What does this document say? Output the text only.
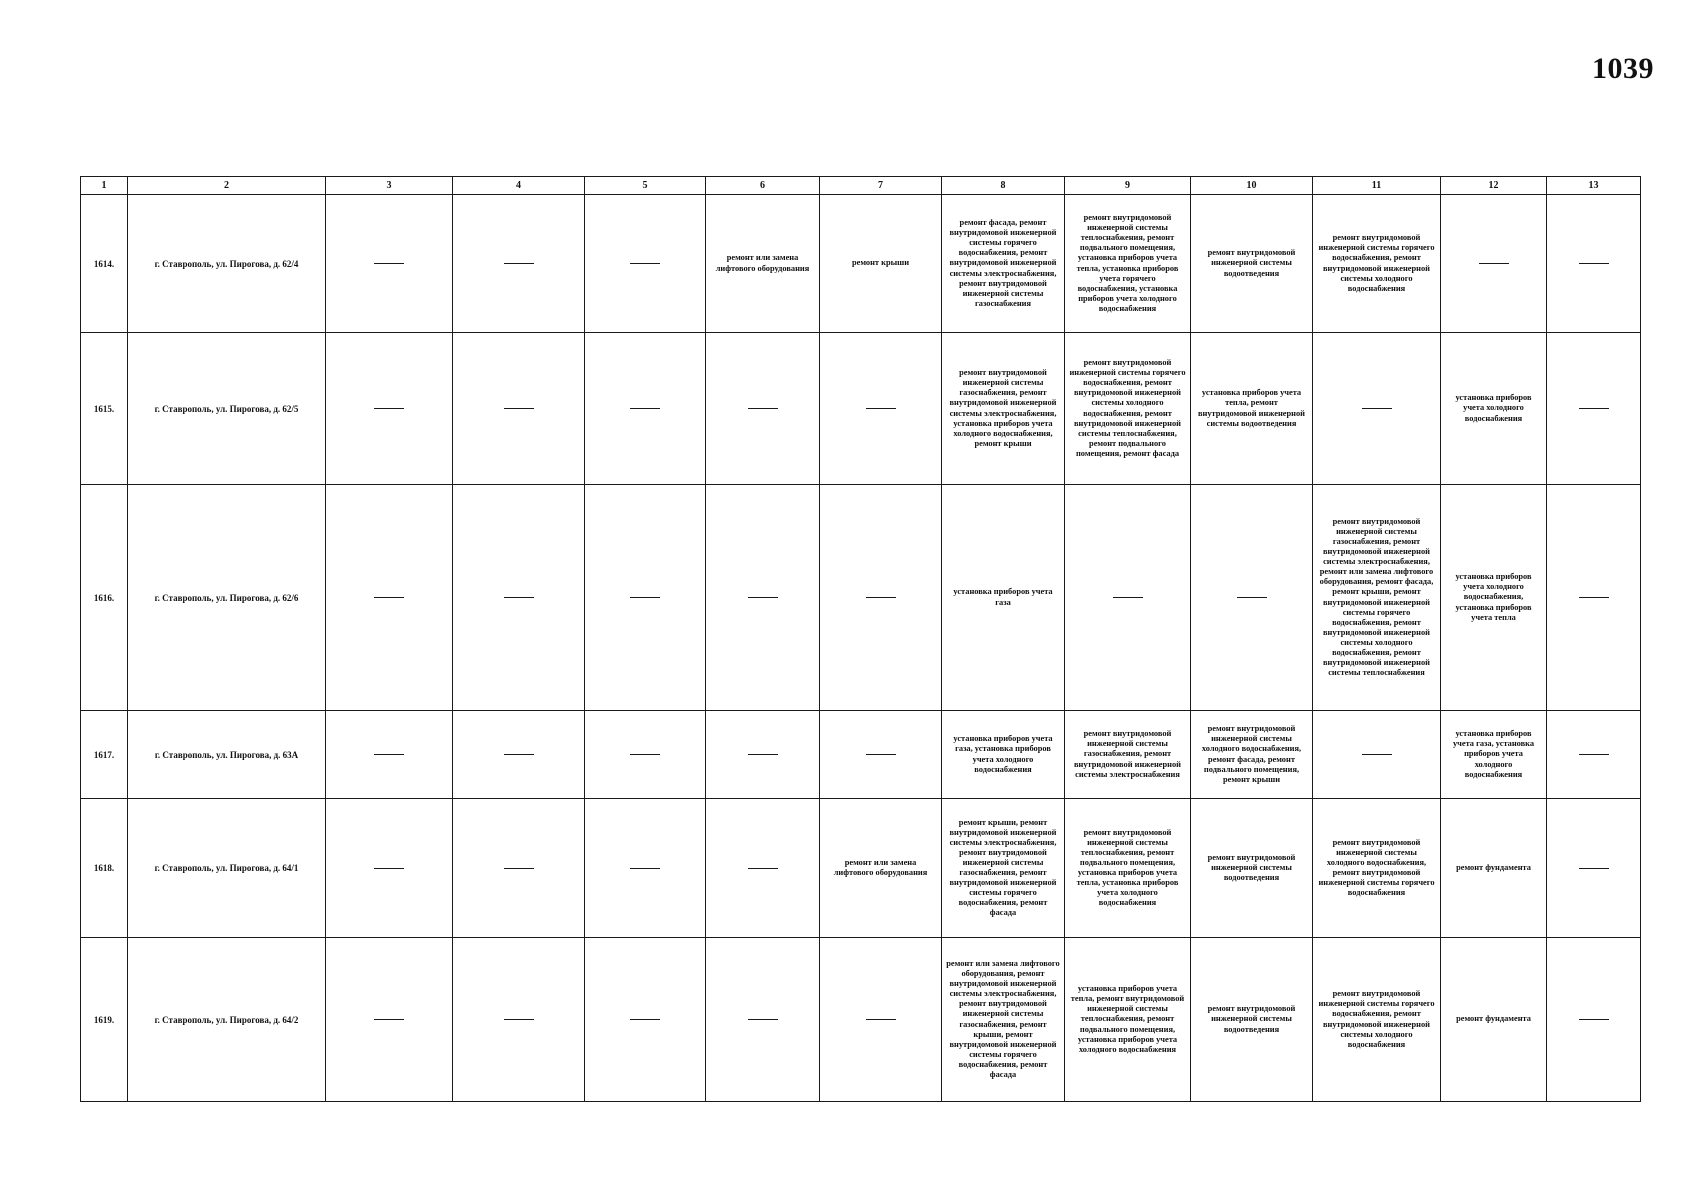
1039
1	2	3	4	5	6	7	8	9	10	11	12	13
1614.	г. Ставрополь, ул. Пирогова, д. 62/4				ремонт или замена лифтового оборудования	ремонт крыши	ремонт фасада, ремонт внутридомовой инженерной системы горячего водоснабжения, ремонт внутридомовой инженерной системы электроснабжения, ремонт внутридомовой инженерной системы газоснабжения	ремонт внутридомовой инженерной системы теплоснабжения, ремонт подвального помещения, установка приборов учета тепла, установка приборов учета горячего водоснабжения, установка приборов учета холодного водоснабжения	ремонт внутридомовой инженерной системы водоотведения	ремонт внутридомовой инженерной системы горячего водоснабжения, ремонт внутридомовой инженерной системы холодного водоснабжения		

1615.	г. Ставрополь, ул. Пирогова, д. 62/5						ремонт внутридомовой инженерной системы газоснабжения, ремонт внутридомовой инженерной системы электроснабжения, установка приборов учета холодного водоснабжения, ремонт крыши	ремонт внутридомовой инженерной системы горячего водоснабжения, ремонт внутридомовой инженерной системы холодного водоснабжения, ремонт внутридомовой инженерной системы теплоснабжения, ремонт подвального помещения, ремонт фасада	установка приборов учета тепла, ремонт внутридомовой инженерной системы водоотведения		установка приборов учета холодного водоснабжения	

1616.	г. Ставрополь, ул. Пирогова, д. 62/6						установка приборов учета газа			ремонт внутридомовой инженерной системы газоснабжения, ремонт внутридомовой инженерной системы электроснабжения, ремонт или замена лифтового оборудования, ремонт фасада, ремонт крыши, ремонт внутридомовой инженерной системы горячего водоснабжения, ремонт внутридомовой инженерной системы холодного водоснабжения, ремонт внутридомовой инженерной системы теплоснабжения	установка приборов учета холодного водоснабжения, установка приборов учета тепла	

1617.	г. Ставрополь, ул. Пирогова, д. 63А						установка приборов учета газа, установка приборов учета холодного водоснабжения	ремонт внутридомовой инженерной системы газоснабжения, ремонт внутридомовой инженерной системы электроснабжения	ремонт внутридомовой инженерной системы холодного водоснабжения, ремонт фасада, ремонт подвального помещения, ремонт крыши		установка приборов учета газа, установка приборов учета холодного водоснабжения	

1618.	г. Ставрополь, ул. Пирогова, д. 64/1					ремонт или замена лифтового оборудования	ремонт крыши, ремонт внутридомовой инженерной системы электроснабжения, ремонт внутридомовой инженерной системы газоснабжения, ремонт внутридомовой инженерной системы горячего водоснабжения, ремонт фасада	ремонт внутридомовой инженерной системы теплоснабжения, ремонт подвального помещения, установка приборов учета тепла, установка приборов учета холодного водоснабжения	ремонт внутридомовой инженерной системы водоотведения	ремонт внутридомовой инженерной системы холодного водоснабжения, ремонт внутридомовой инженерной системы горячего водоснабжения	ремонт фундамента	

1619.	г. Ставрополь, ул. Пирогова, д. 64/2						ремонт или замена лифтового оборудования, ремонт внутридомовой инженерной системы электроснабжения, ремонт внутридомовой инженерной системы газоснабжения, ремонт крыши, ремонт внутридомовой инженерной системы горячего водоснабжения, ремонт фасада	установка приборов учета тепла, ремонт внутридомовой инженерной системы теплоснабжения, ремонт подвального помещения, установка приборов учета холодного водоснабжения	ремонт внутридомовой инженерной системы водоотведения	ремонт внутридомовой инженерной системы горячего водоснабжения, ремонт внутридомовой инженерной системы холодного водоснабжения	ремонт фундамента	
